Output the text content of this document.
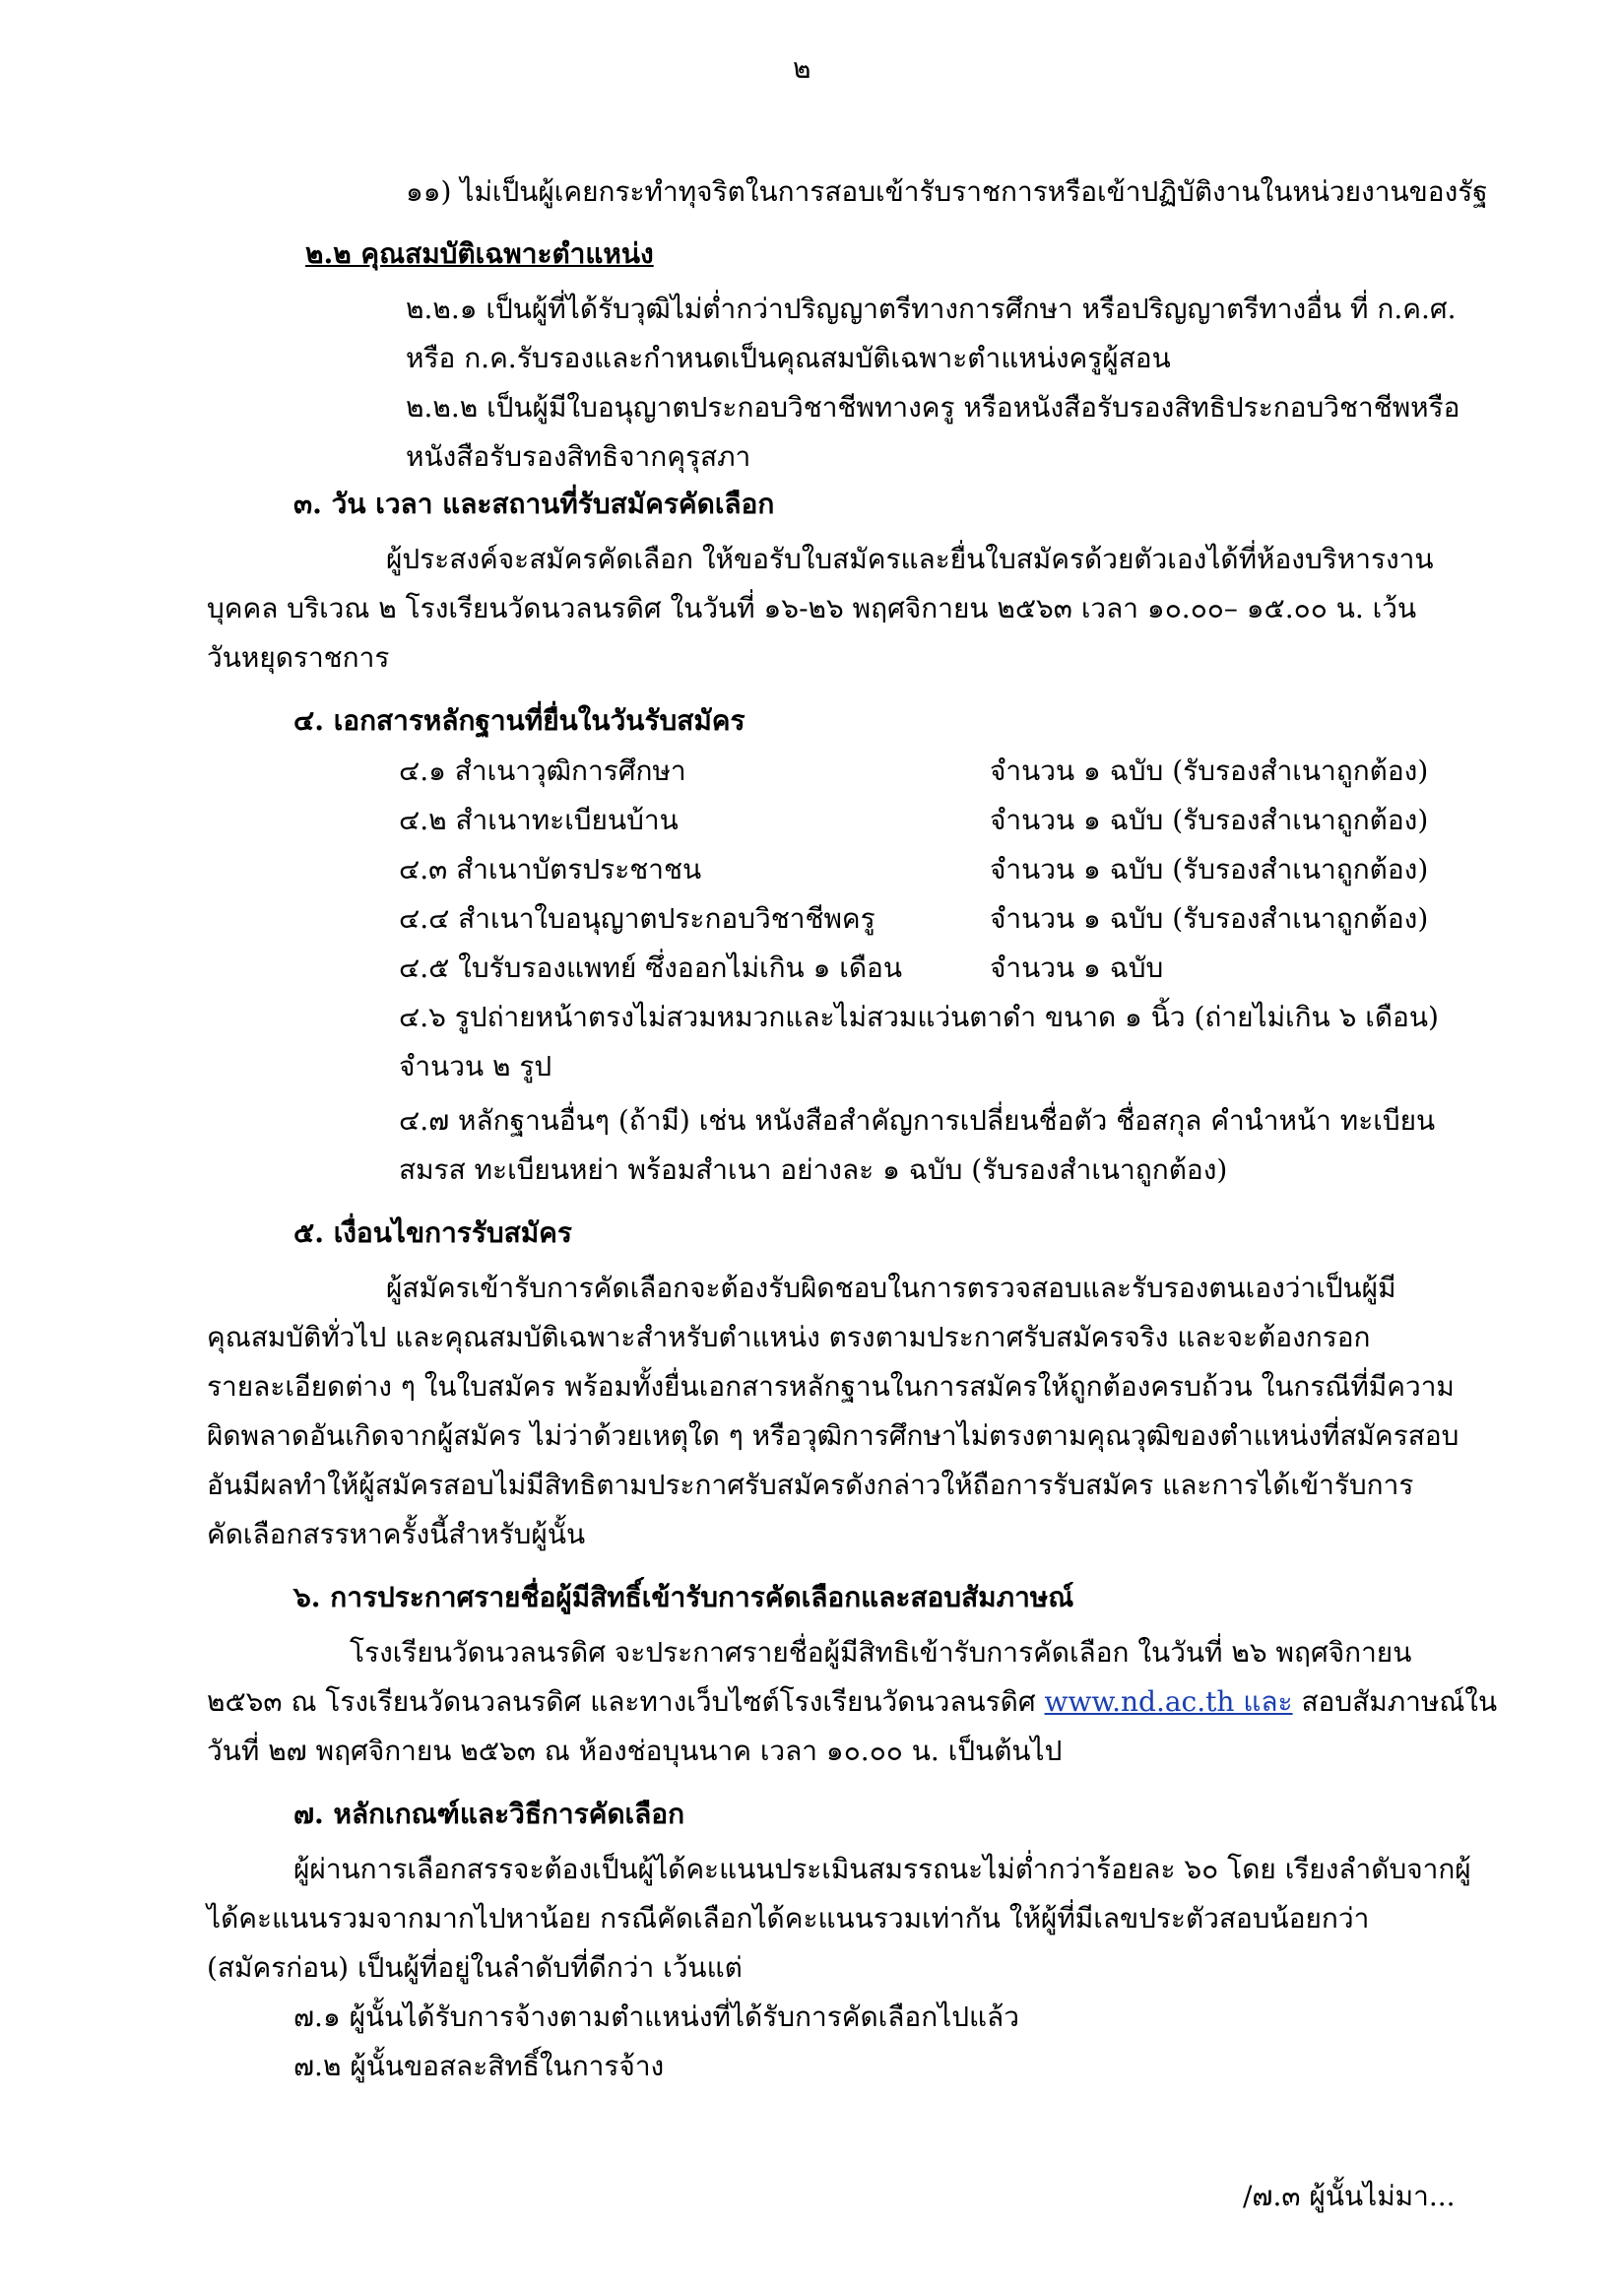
๒
๑๑) ไม่เป็นผู้เคยกระทำทุจริตในการสอบเข้ารับราชการหรือเข้าปฏิบัติงานในหน่วยงานของรัฐ
๒.๒ คุณสมบัติเฉพาะตำแหน่ง
๒.๒.๑ เป็นผู้ที่ได้รับวุฒิไม่ต่ำกว่าปริญญาตรีทางการศึกษา หรือปริญญาตรีทางอื่น ที่ ก.ค.ศ.
หรือ ก.ค.รับรองและกำหนดเป็นคุณสมบัติเฉพาะตำแหน่งครูผู้สอน
๒.๒.๒ เป็นผู้มีใบอนุญาตประกอบวิชาชีพทางครู หรือหนังสือรับรองสิทธิประกอบวิชาชีพหรือ
หนังสือรับรองสิทธิจากคุรุสภา
๓. วัน เวลา และสถานที่รับสมัครคัดเลือก
ผู้ประสงค์จะสมัครคัดเลือก ให้ขอรับใบสมัครและยื่นใบสมัครด้วยตัวเองได้ที่ห้องบริหารงาน
บุคคล บริเวณ ๒ โรงเรียนวัดนวลนรดิศ ในวันที่ ๑๖-๒๖ พฤศจิกายน ๒๕๖๓ เวลา ๑๐.๐๐– ๑๕.๐๐ น. เว้น
วันหยุดราชการ
๔. เอกสารหลักฐานที่ยื่นในวันรับสมัคร
๔.๑ สำเนาวุฒิการศึกษา	จำนวน ๑ ฉบับ (รับรองสำเนาถูกต้อง)
๔.๒ สำเนาทะเบียนบ้าน	จำนวน ๑ ฉบับ (รับรองสำเนาถูกต้อง)
๔.๓ สำเนาบัตรประชาชน	จำนวน ๑ ฉบับ (รับรองสำเนาถูกต้อง)
๔.๔ สำเนาใบอนุญาตประกอบวิชาชีพครู	จำนวน ๑ ฉบับ (รับรองสำเนาถูกต้อง)
๔.๕ ใบรับรองแพทย์ ซึ่งออกไม่เกิน ๑ เดือน	จำนวน ๑ ฉบับ
๔.๖ รูปถ่ายหน้าตรงไม่สวมหมวกและไม่สวมแว่นตาดำ ขนาด ๑ นิ้ว (ถ่ายไม่เกิน ๖ เดือน)
จำนวน ๒ รูป
๔.๗ หลักฐานอื่นๆ (ถ้ามี) เช่น หนังสือสำคัญการเปลี่ยนชื่อตัว ชื่อสกุล คำนำหน้า ทะเบียน
สมรส ทะเบียนหย่า พร้อมสำเนา อย่างละ ๑ ฉบับ (รับรองสำเนาถูกต้อง)
๕. เงื่อนไขการรับสมัคร
ผู้สมัครเข้ารับการคัดเลือกจะต้องรับผิดชอบในการตรวจสอบและรับรองตนเองว่าเป็นผู้มี
คุณสมบัติทั่วไป และคุณสมบัติเฉพาะสำหรับตำแหน่ง ตรงตามประกาศรับสมัครจริง และจะต้องกรอก
รายละเอียดต่าง ๆ ในใบสมัคร พร้อมทั้งยื่นเอกสารหลักฐานในการสมัครให้ถูกต้องครบถ้วน ในกรณีที่มีความ
ผิดพลาดอันเกิดจากผู้สมัคร ไม่ว่าด้วยเหตุใด ๆ หรือวุฒิการศึกษาไม่ตรงตามคุณวุฒิของตำแหน่งที่สมัครสอบ
อันมีผลทำให้ผู้สมัครสอบไม่มีสิทธิตามประกาศรับสมัครดังกล่าวให้ถือการรับสมัคร และการได้เข้ารับการ
คัดเลือกสรรหาครั้งนี้สำหรับผู้นั้น
๖. การประกาศรายชื่อผู้มีสิทธิ์เข้ารับการคัดเลือกและสอบสัมภาษณ์
โรงเรียนวัดนวลนรดิศ จะประกาศรายชื่อผู้มีสิทธิเข้ารับการคัดเลือก ในวันที่ ๒๖ พฤศจิกายน
๒๕๖๓ ณ โรงเรียนวัดนวลนรดิศ และทางเว็บไซต์โรงเรียนวัดนวลนรดิศ www.nd.ac.th และ สอบสัมภาษณ์ใน
วันที่ ๒๗ พฤศจิกายน ๒๕๖๓ ณ ห้องช่อบุนนาค เวลา ๑๐.๐๐ น. เป็นต้นไป
๗. หลักเกณฑ์และวิธีการคัดเลือก
ผู้ผ่านการเลือกสรรจะต้องเป็นผู้ได้คะแนนประเมินสมรรถนะไม่ต่ำกว่าร้อยละ ๖๐ โดย เรียงลำดับจากผู้
ได้คะแนนรวมจากมากไปหาน้อย กรณีคัดเลือกได้คะแนนรวมเท่ากัน ให้ผู้ที่มีเลขประตัวสอบน้อยกว่า
(สมัครก่อน) เป็นผู้ที่อยู่ในลำดับที่ดีกว่า เว้นแต่
๗.๑ ผู้นั้นได้รับการจ้างตามตำแหน่งที่ได้รับการคัดเลือกไปแล้ว
๗.๒ ผู้นั้นขอสละสิทธิ์ในการจ้าง
/๗.๓ ผู้นั้นไม่มา...
